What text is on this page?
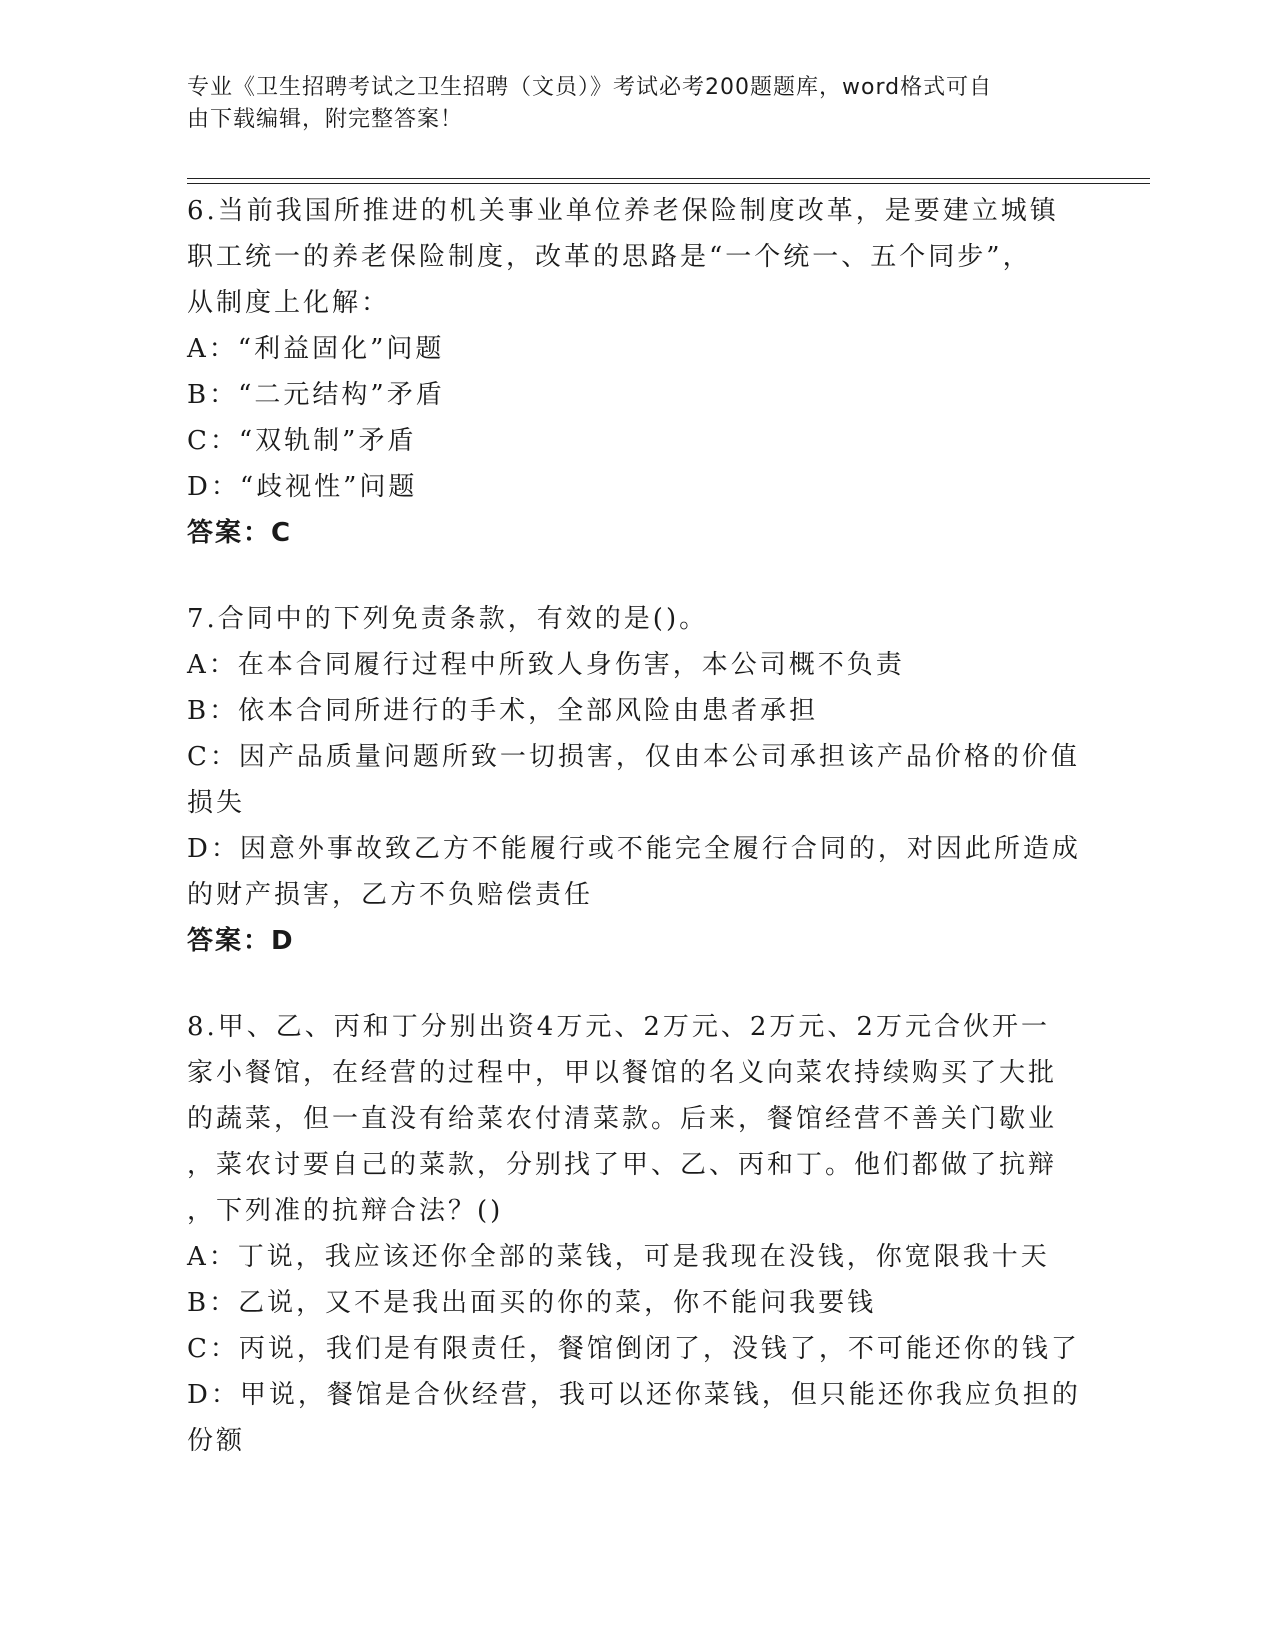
专业《卫生招聘考试之卫生招聘（文员）》考试必考200题题库，word格式可自
由下载编辑，附完整答案！
6.当前我国所推进的机关事业单位养老保险制度改革，是要建立城镇
职工统一的养老保险制度，改革的思路是“一个统一、五个同步”，
从制度上化解：
A：“利益固化”问题
B：“二元结构”矛盾
C：“双轨制”矛盾
D：“歧视性”问题
答案：C
7.合同中的下列免责条款，有效的是()。
A：在本合同履行过程中所致人身伤害，本公司概不负责
B：依本合同所进行的手术，全部风险由患者承担
C：因产品质量问题所致一切损害，仅由本公司承担该产品价格的价值
损失
D：因意外事故致乙方不能履行或不能完全履行合同的，对因此所造成
的财产损害，乙方不负赔偿责任
答案：D
8.甲、乙、丙和丁分别出资4万元、2万元、2万元、2万元合伙开一
家小餐馆，在经营的过程中，甲以餐馆的名义向菜农持续购买了大批
的蔬菜，但一直没有给菜农付清菜款。后来，餐馆经营不善关门歇业
，菜农讨要自己的菜款，分别找了甲、乙、丙和丁。他们都做了抗辩
，下列准的抗辩合法？()
A：丁说，我应该还你全部的菜钱，可是我现在没钱，你宽限我十天
B：乙说，又不是我出面买的你的菜，你不能问我要钱
C：丙说，我们是有限责任，餐馆倒闭了，没钱了，不可能还你的钱了
D：甲说，餐馆是合伙经营，我可以还你菜钱，但只能还你我应负担的
份额
